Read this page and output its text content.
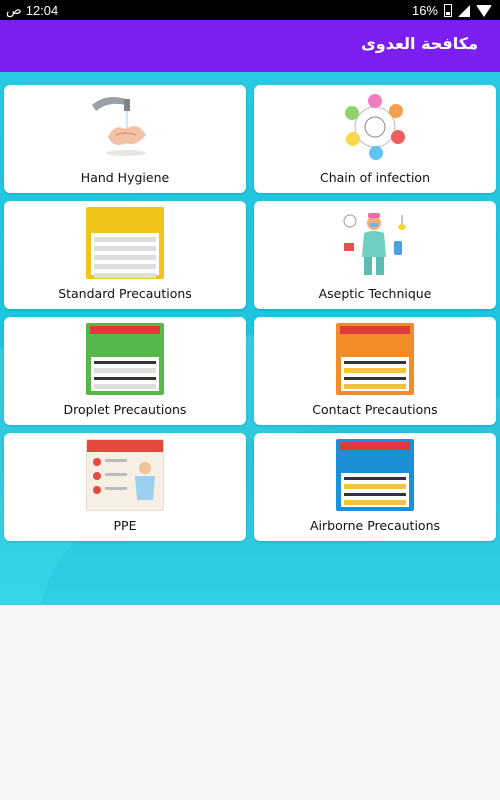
ص 12:04	16%
مكافحة العدوى
Hand Hygiene	Chain of infection
Standard Precautions	Aseptic Technique
Droplet Precautions	Contact Precautions
PPE	Airborne Precautions
